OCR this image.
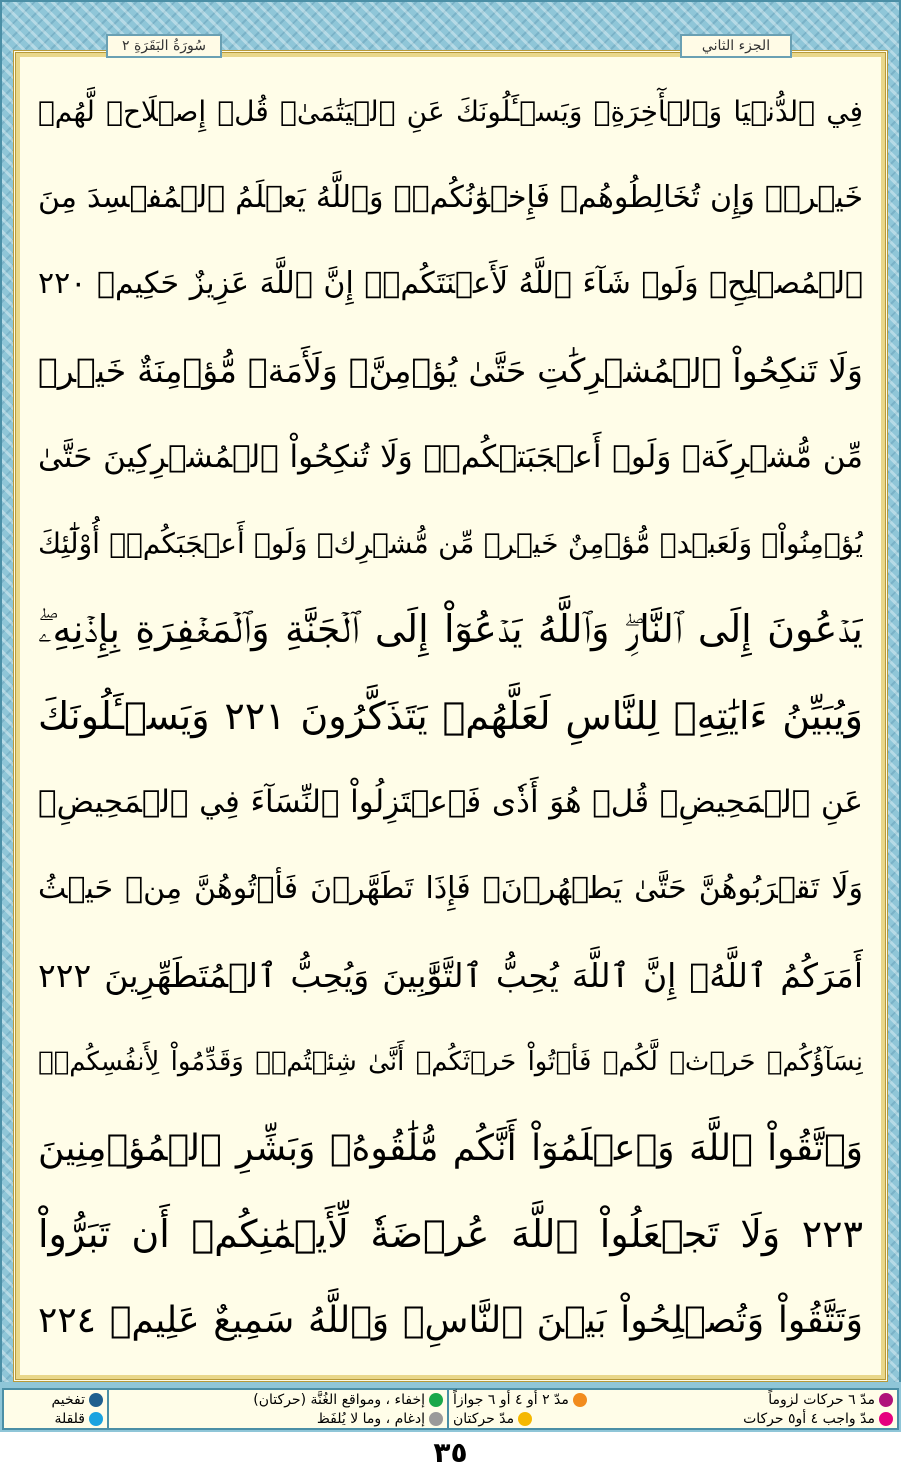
سُورَةُ البَقَرَةِ ٢	الجزء الثاني
فِي ٱلدُّنۡيَا وَٱلۡأٓخِرَةِۗ وَيَسۡـَٔلُونَكَ عَنِ ٱلۡيَتَٰمَىٰۖ قُلۡ إِصۡلَاحٞ لَّهُمۡ
خَيۡرٞۖ وَإِن تُخَالِطُوهُمۡ فَإِخۡوَٰنُكُمۡۚ وَٱللَّهُ يَعۡلَمُ ٱلۡمُفۡسِدَ مِنَ
ٱلۡمُصۡلِحِۚ وَلَوۡ شَآءَ ٱللَّهُ لَأَعۡنَتَكُمۡۚ إِنَّ ٱللَّهَ عَزِيزٌ حَكِيمٞ ٢٢٠
وَلَا تَنكِحُواْ ٱلۡمُشۡرِكَٰتِ حَتَّىٰ يُؤۡمِنَّۚ وَلَأَمَةٞ مُّؤۡمِنَةٌ خَيۡرٞ
مِّن مُّشۡرِكَةٖ وَلَوۡ أَعۡجَبَتۡكُمۡۗ وَلَا تُنكِحُواْ ٱلۡمُشۡرِكِينَ حَتَّىٰ
يُؤۡمِنُواْۚ وَلَعَبۡدٞ مُّؤۡمِنٌ خَيۡرٞ مِّن مُّشۡرِكٖ وَلَوۡ أَعۡجَبَكُمۡۗ أُوْلَٰٓئِكَ
يَدۡعُونَ إِلَى ٱلنَّارِۖ وَٱللَّهُ يَدۡعُوٓاْ إِلَى ٱلۡجَنَّةِ وَٱلۡمَغۡفِرَةِ بِإِذۡنِهِۦۖ
وَيُبَيِّنُ ءَايَٰتِهِۦ لِلنَّاسِ لَعَلَّهُمۡ يَتَذَكَّرُونَ ٢٢١ وَيَسۡـَٔلُونَكَ
عَنِ ٱلۡمَحِيضِۖ قُلۡ هُوَ أَذٗى فَٱعۡتَزِلُواْ ٱلنِّسَآءَ فِي ٱلۡمَحِيضِۖ
وَلَا تَقۡرَبُوهُنَّ حَتَّىٰ يَطۡهُرۡنَۖ فَإِذَا تَطَهَّرۡنَ فَأۡتُوهُنَّ مِنۡ حَيۡثُ
أَمَرَكُمُ ٱللَّهُۚ إِنَّ ٱللَّهَ يُحِبُّ ٱلتَّوَّٰبِينَ وَيُحِبُّ ٱلۡمُتَطَهِّرِينَ ٢٢٢
نِسَآؤُكُمۡ حَرۡثٞ لَّكُمۡ فَأۡتُواْ حَرۡثَكُمۡ أَنَّىٰ شِئۡتُمۡۖ وَقَدِّمُواْ لِأَنفُسِكُمۡۚ
وَٱتَّقُواْ ٱللَّهَ وَٱعۡلَمُوٓاْ أَنَّكُم مُّلَٰقُوهُۗ وَبَشِّرِ ٱلۡمُؤۡمِنِينَ
٢٢٣ وَلَا تَجۡعَلُواْ ٱللَّهَ عُرۡضَةٗ لِّأَيۡمَٰنِكُمۡ أَن تَبَرُّواْ
وَتَتَّقُواْ وَتُصۡلِحُواْ بَيۡنَ ٱلنَّاسِۗ وَٱللَّهُ سَمِيعٌ عَلِيمٞ ٢٢٤
مدّ ٦ حركات لزوماً
مدّ ٢ أو ٤ أو ٦ جوازاً
مدّ واجب ٤ أو٥ حركات
مدّ حركتان
إخفاء ، ومواقع الغُنَّة (حركتان)
إدغام ، وما لا يُلفَظ
تفخيم
قلقلة
٣٥
